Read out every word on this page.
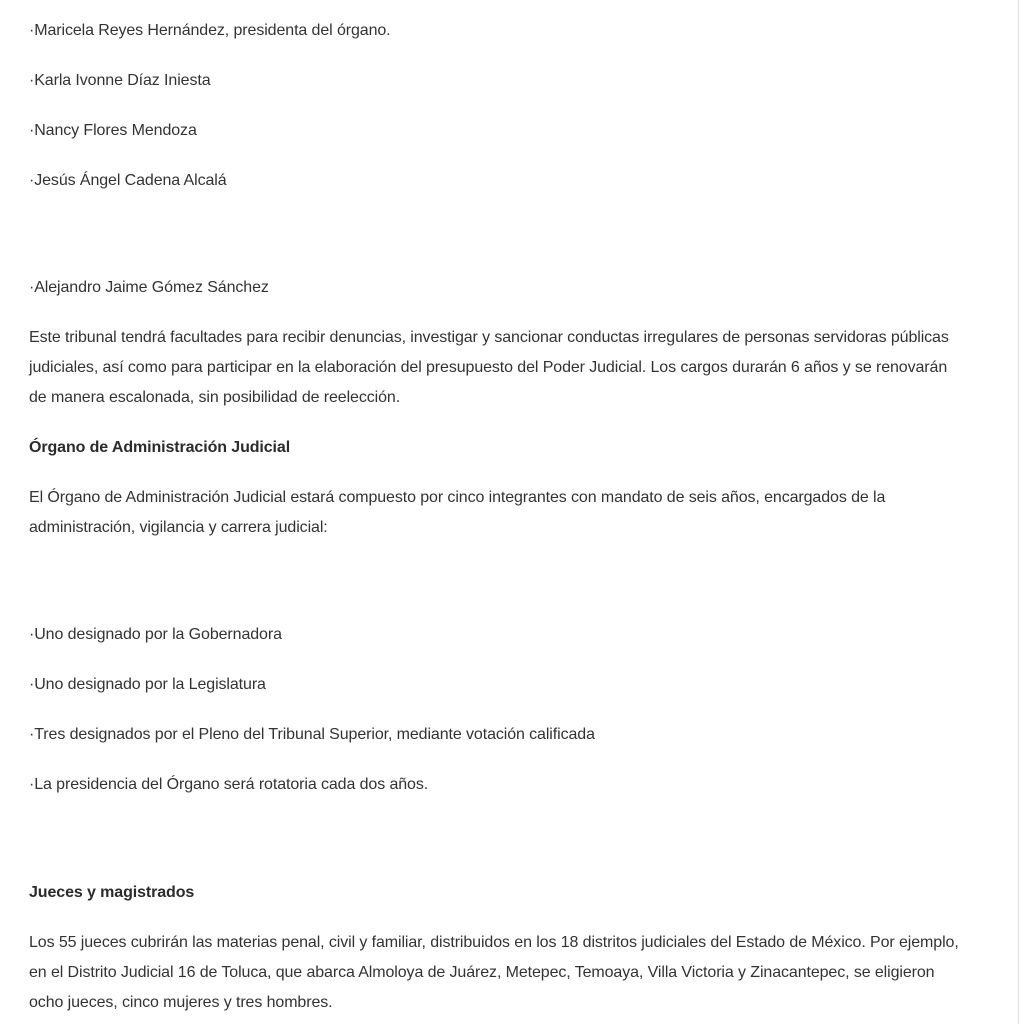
·Maricela Reyes Hernández, presidenta del órgano.

·Karla Ivonne Díaz Iniesta

·Nancy Flores Mendoza

·Jesús Ángel Cadena Alcalá

·Alejandro Jaime Gómez Sánchez

Este tribunal tendrá facultades para recibir denuncias, investigar y sancionar conductas irregulares de personas servidoras públicas judiciales, así como para participar en la elaboración del presupuesto del Poder Judicial. Los cargos durarán 6 años y se renovarán de manera escalonada, sin posibilidad de reelección.

Órgano de Administración Judicial

El Órgano de Administración Judicial estará compuesto por cinco integrantes con mandato de seis años, encargados de la administración, vigilancia y carrera judicial:

·Uno designado por la Gobernadora

·Uno designado por la Legislatura

·Tres designados por el Pleno del Tribunal Superior, mediante votación calificada

·La presidencia del Órgano será rotatoria cada dos años.

Jueces y magistrados

Los 55 jueces cubrirán las materias penal, civil y familiar, distribuidos en los 18 distritos judiciales del Estado de México. Por ejemplo, en el Distrito Judicial 16 de Toluca, que abarca Almoloya de Juárez, Metepec, Temoaya, Villa Victoria y Zinacantepec, se eligieron ocho jueces, cinco mujeres y tres hombres.
